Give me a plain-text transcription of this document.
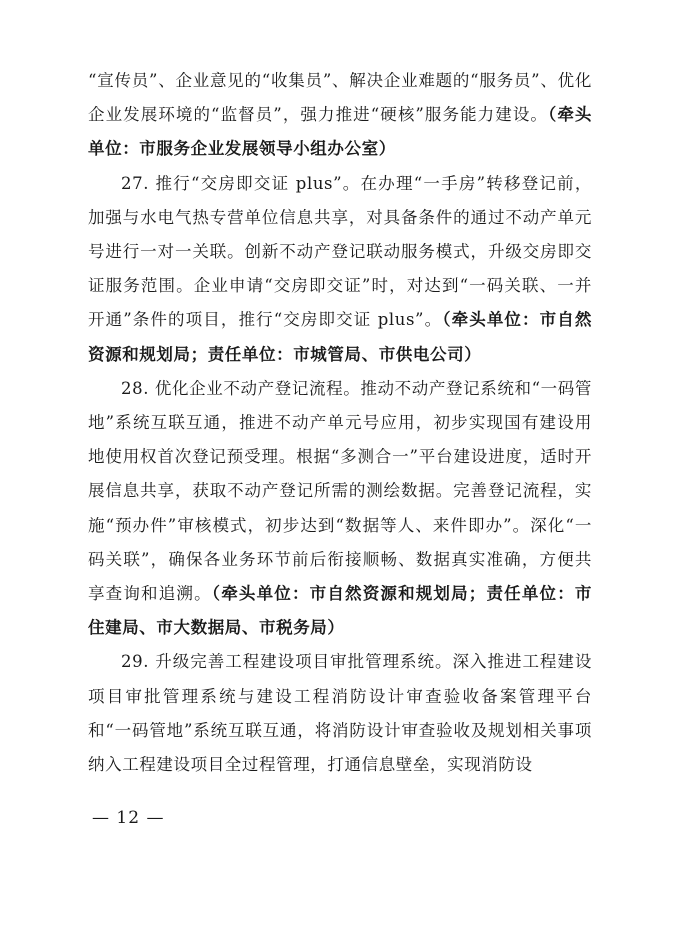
“宣传员”、企业意见的“收集员”、解决企业难题的“服务员”、优化企业发展环境的“监督员”，强力推进“硬核”服务能力建设。（牵头单位：市服务企业发展领导小组办公室）

27. 推行“交房即交证 plus”。在办理“一手房”转移登记前，加强与水电气热专营单位信息共享，对具备条件的通过不动产单元号进行一对一关联。创新不动产登记联动服务模式，升级交房即交证服务范围。企业申请“交房即交证”时，对达到“一码关联、一并开通”条件的项目，推行“交房即交证 plus”。（牵头单位：市自然资源和规划局；责任单位：市城管局、市供电公司）

28. 优化企业不动产登记流程。推动不动产登记系统和“一码管地”系统互联互通，推进不动产单元号应用，初步实现国有建设用地使用权首次登记预受理。根据“多测合一”平台建设进度，适时开展信息共享，获取不动产登记所需的测绘数据。完善登记流程，实施“预办件”审核模式，初步达到“数据等人、来件即办”。深化“一码关联”，确保各业务环节前后衔接顺畅、数据真实准确，方便共享查询和追溯。（牵头单位：市自然资源和规划局；责任单位：市住建局、市大数据局、市税务局）

29. 升级完善工程建设项目审批管理系统。深入推进工程建设项目审批管理系统与建设工程消防设计审查验收备案管理平台和“一码管地”系统互联互通，将消防设计审查验收及规划相关事项纳入工程建设项目全过程管理，打通信息壁垒，实现消防设

— 12 —
